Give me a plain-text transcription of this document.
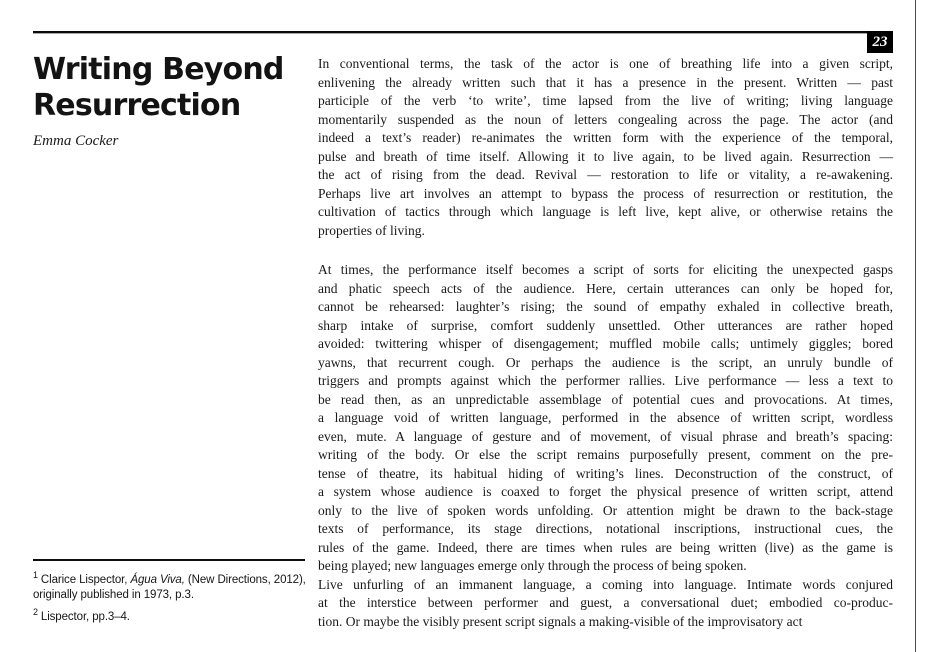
23
Writing Beyond Resurrection
Emma Cocker
In conventional terms, the task of the actor is one of breathing life into a given script,
enlivening the already written such that it has a presence in the present. Written — past
participle of the verb ‘to write’, time lapsed from the live of writing; living language
momentarily suspended as the noun of letters congealing across the page. The actor (and
indeed a text’s reader) re-animates the written form with the experience of the temporal,
pulse and breath of time itself. Allowing it to live again, to be lived again. Resurrection —
the act of rising from the dead. Revival — restoration to life or vitality, a re-awakening.
Perhaps live art involves an attempt to bypass the process of resurrection or restitution, the
cultivation of tactics through which language is left live, kept alive, or otherwise retains the
properties of living.
At times, the performance itself becomes a script of sorts for eliciting the unexpected gasps
and phatic speech acts of the audience. Here, certain utterances can only be hoped for,
cannot be rehearsed: laughter’s rising; the sound of empathy exhaled in collective breath,
sharp intake of surprise, comfort suddenly unsettled. Other utterances are rather hoped
avoided: twittering whisper of disengagement; muffled mobile calls; untimely giggles; bored
yawns, that recurrent cough. Or perhaps the audience is the script, an unruly bundle of
triggers and prompts against which the performer rallies. Live performance — less a text to
be read then, as an unpredictable assemblage of potential cues and provocations. At times,
a language void of written language, performed in the absence of written script, wordless
even, mute. A language of gesture and of movement, of visual phrase and breath’s spacing:
writing of the body. Or else the script remains purposefully present, comment on the pre-
tense of theatre, its habitual hiding of writing’s lines. Deconstruction of the construct, of
a system whose audience is coaxed to forget the physical presence of written script, attend
only to the live of spoken words unfolding. Or attention might be drawn to the back-stage
texts of performance, its stage directions, notational inscriptions, instructional cues, the
rules of the game. Indeed, there are times when rules are being written (live) as the game is
being played; new languages emerge only through the process of being spoken.
Live unfurling of an immanent language, a coming into language. Intimate words conjured
at the interstice between performer and guest, a conversational duet; embodied co-produc-
tion. Or maybe the visibly present script signals a making-visible of the improvisatory act
$^1$ Clarice Lispector, Água Viva, (New Directions, 2012),
originally published in 1973, p.3.
$^2$ Lispector, pp.3–4.
